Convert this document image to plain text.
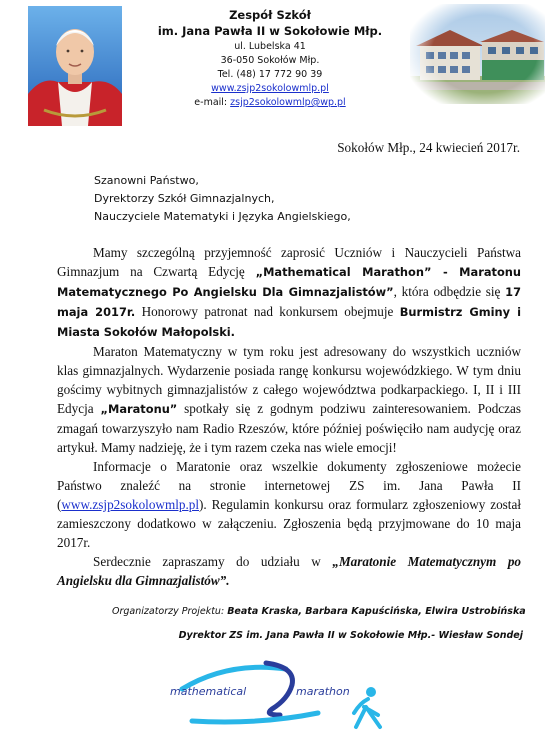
Zespół Szkół
im. Jana Pawła II w Sokołowie Młp.
ul. Lubelska 41
36-050 Sokołów Młp.
Tel. (48) 17 772 90 39
www.zsjp2sokolowmlp.pl
e-mail: zsjp2sokolowmlp@wp.pl
Sokołów Młp., 24 kwiecień 2017r.
Szanowni Państwo,
Dyrektorzy Szkół Gimnazjalnych,
Nauczyciele Matematyki i Języka Angielskiego,

Mamy szczególną przyjemność zaprosić Uczniów i Nauczycieli Państwa Gimnazjum na Czwartą Edycję „Mathematical Marathon” - Maratonu Matematycznego Po Angielsku Dla Gimnazjalistów”, która odbędzie się 17 maja 2017r. Honorowy patronat nad konkursem obejmuje Burmistrz Gminy i Miasta Sokołów Małopolski.

Maraton Matematyczny w tym roku jest adresowany do wszystkich uczniów klas gimnazjalnych. Wydarzenie posiada rangę konkursu wojewódzkiego. W tym dniu gościmy wybitnych gimnazjalistów z całego województwa podkarpackiego. I, II i III Edycja „Maratonu” spotkały się z godnym podziwu zainteresowaniem. Podczas zmagań towarzyszyło nam Radio Rzeszów, które później poświęciło nam audycję oraz artykuł. Mamy nadzieję, że i tym razem czeka nas wiele emocji!

Informacje o Maratonie oraz wszelkie dokumenty zgłoszeniowe możecie Państwo znaleźć na stronie internetowej ZS im. Jana Pawła II (www.zsjp2sokolowmlp.pl). Regulamin konkursu oraz formularz zgłoszeniowy został zamieszczony dodatkowo w załączeniu. Zgłoszenia będą przyjmowane do 10 maja 2017r.

Serdecznie zapraszamy do udziału w „Maratonie Matematycznym po Angielsku dla Gimnazjalistów”.

Organizatorzy Projektu: Beata Kraska, Barbara Kapuścińska, Elwira Ustrobińska
Dyrektor ZS im. Jana Pawła II w Sokołowie Młp.- Wiesław Sondej
mathematical	marathon
